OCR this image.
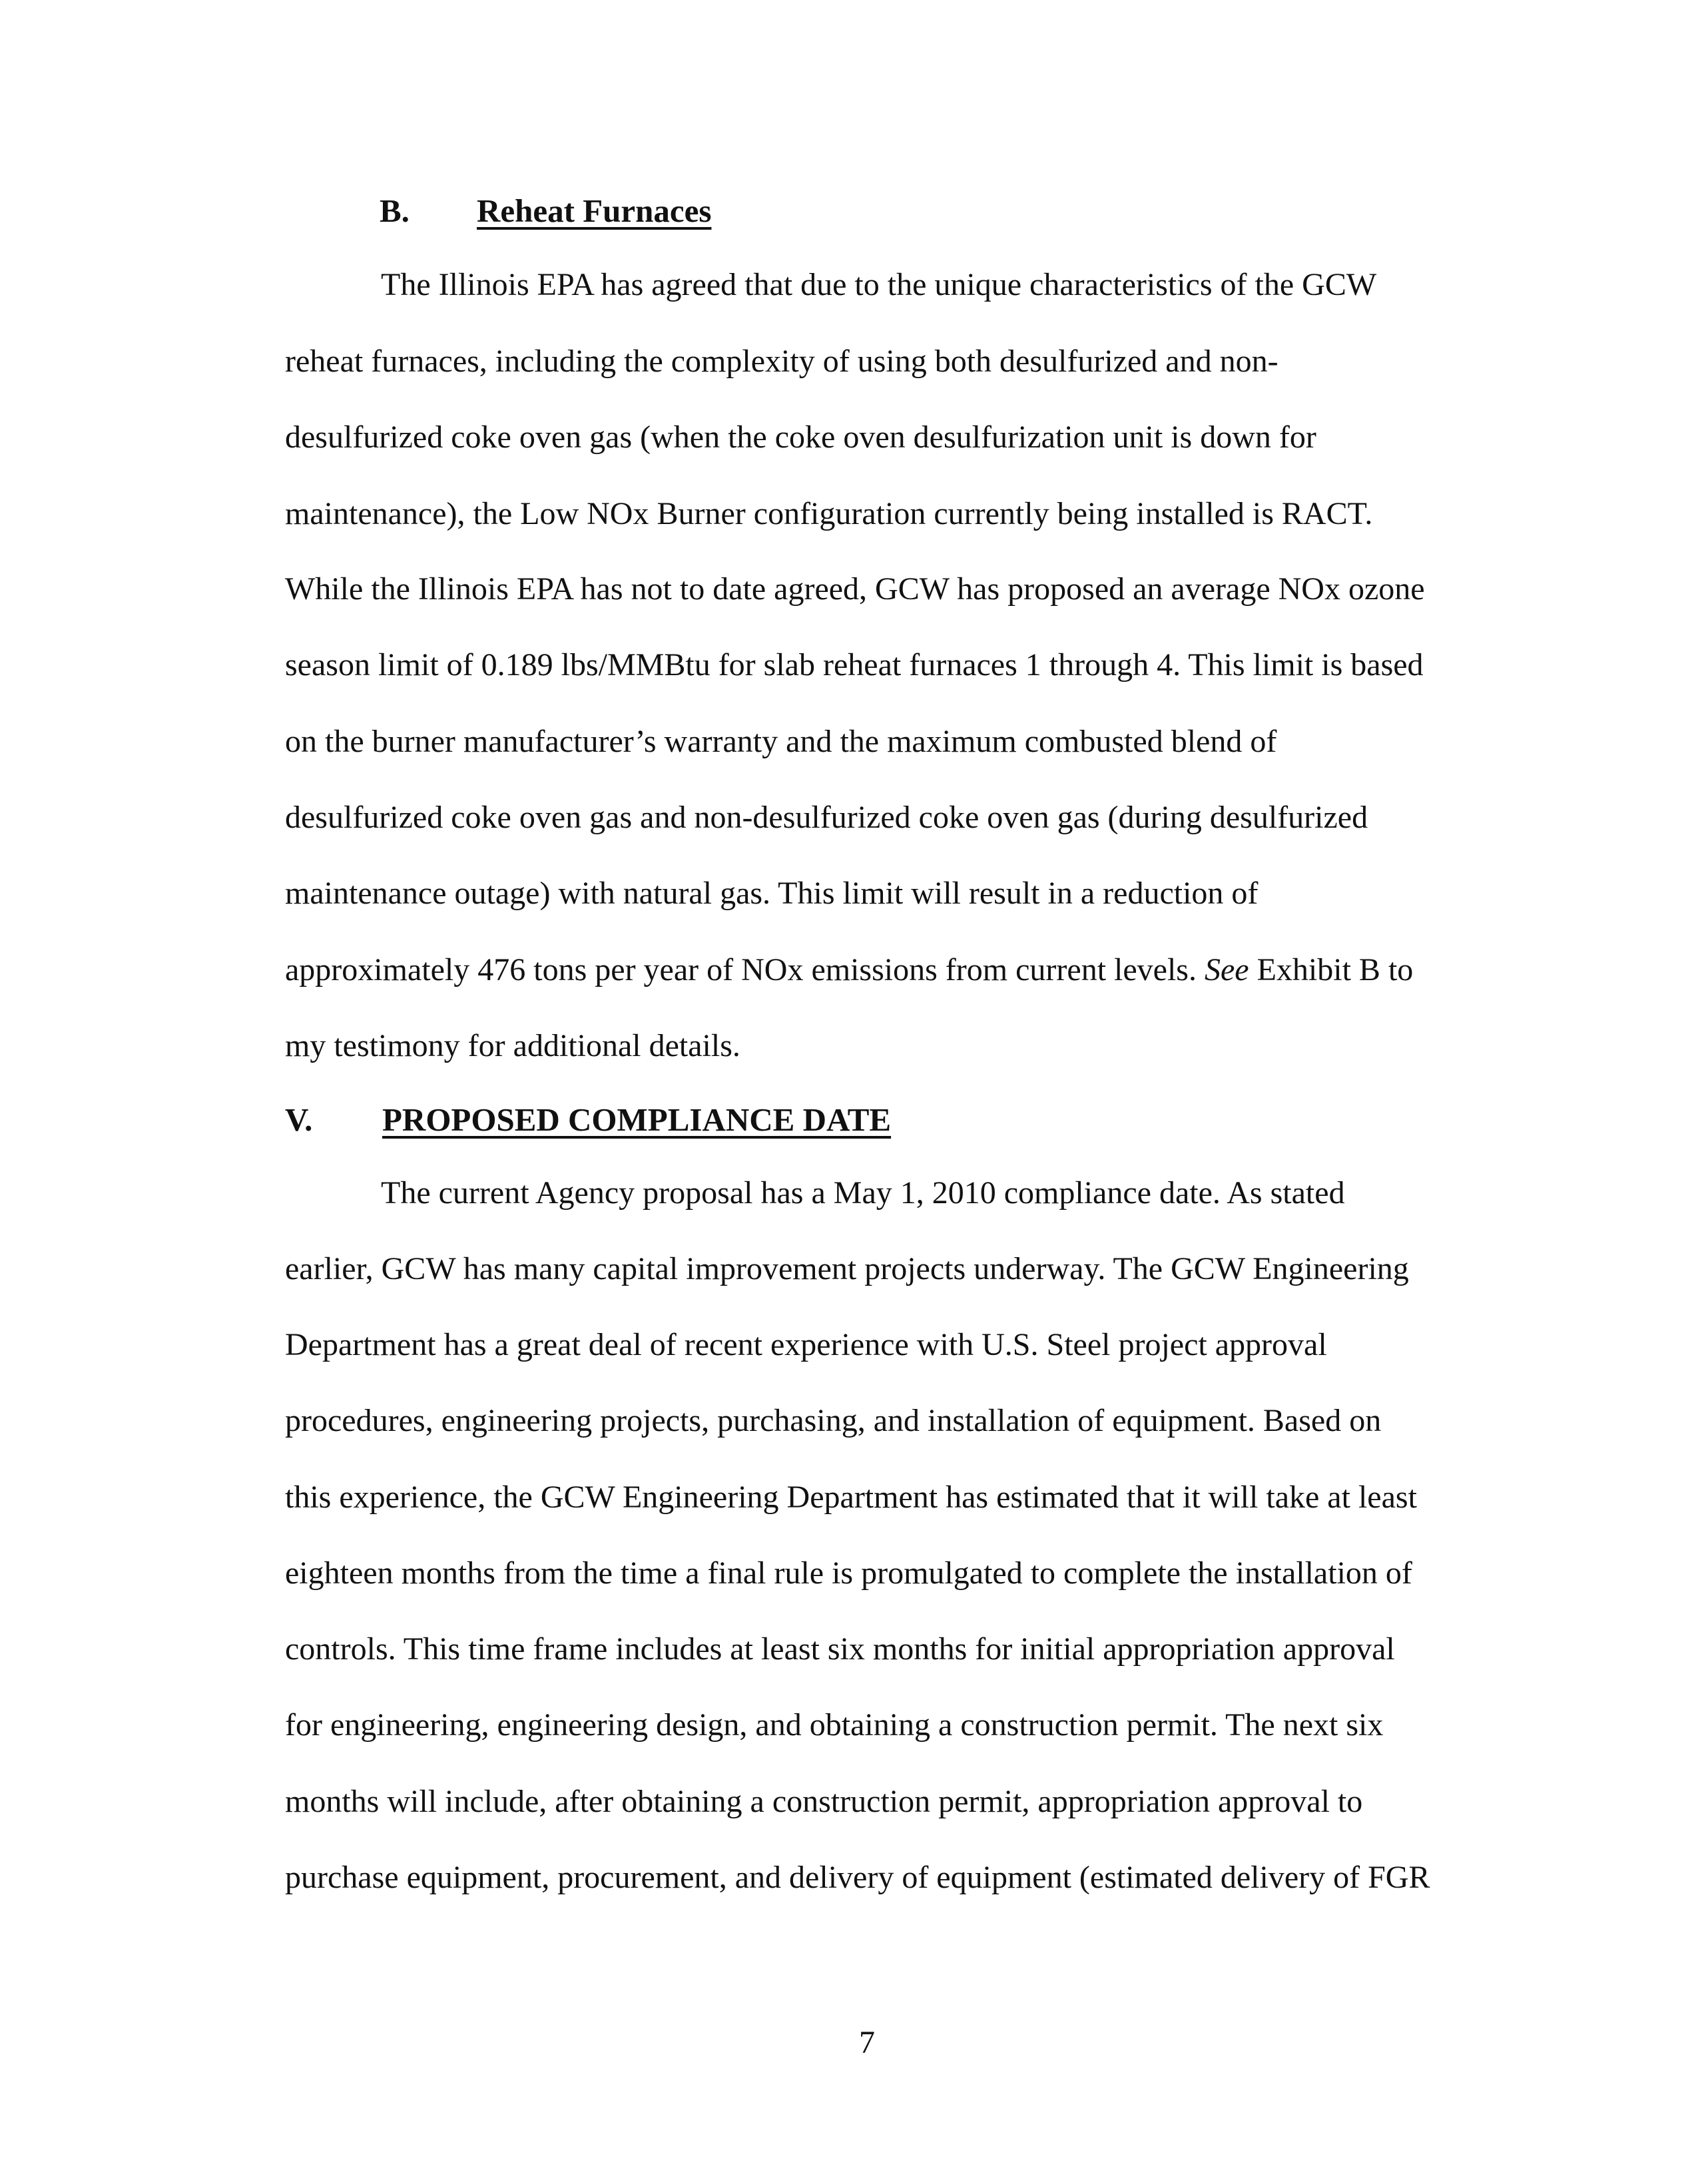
B. Reheat Furnaces
The Illinois EPA has agreed that due to the unique characteristics of the GCW
reheat furnaces, including the complexity of using both desulfurized and non-
desulfurized coke oven gas (when the coke oven desulfurization unit is down for
maintenance), the Low NOx Burner configuration currently being installed is RACT.
While the Illinois EPA has not to date agreed, GCW has proposed an average NOx ozone
season limit of 0.189 lbs/MMBtu for slab reheat furnaces 1 through 4. This limit is based
on the burner manufacturer’s warranty and the maximum combusted blend of
desulfurized coke oven gas and non-desulfurized coke oven gas (during desulfurized
maintenance outage) with natural gas. This limit will result in a reduction of
approximately 476 tons per year of NOx emissions from current levels. See Exhibit B to
my testimony for additional details.
V. PROPOSED COMPLIANCE DATE
The current Agency proposal has a May 1, 2010 compliance date. As stated
earlier, GCW has many capital improvement projects underway. The GCW Engineering
Department has a great deal of recent experience with U.S. Steel project approval
procedures, engineering projects, purchasing, and installation of equipment. Based on
this experience, the GCW Engineering Department has estimated that it will take at least
eighteen months from the time a final rule is promulgated to complete the installation of
controls. This time frame includes at least six months for initial appropriation approval
for engineering, engineering design, and obtaining a construction permit. The next six
months will include, after obtaining a construction permit, appropriation approval to
purchase equipment, procurement, and delivery of equipment (estimated delivery of FGR
7
